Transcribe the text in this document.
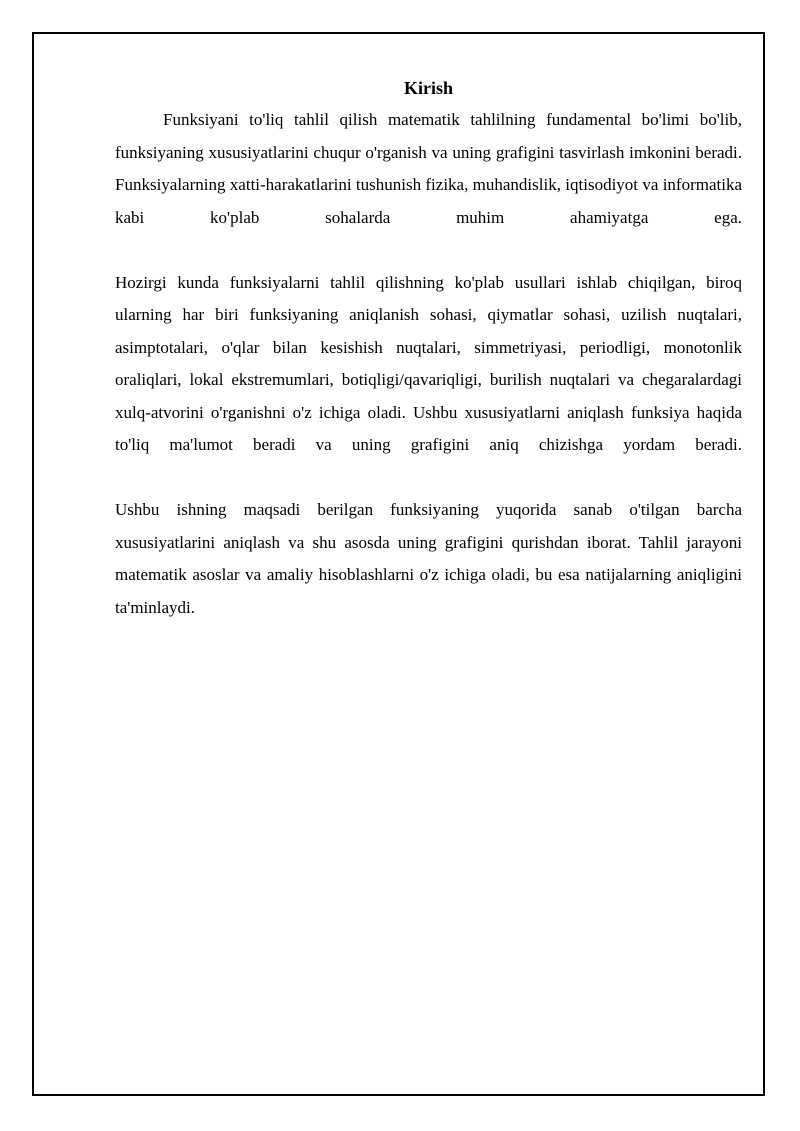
Kirish

Funksiyani to'liq tahlil qilish matematik tahlilning fundamental bo'limi bo'lib, funksiyaning xususiyatlarini chuqur o'rganish va uning grafigini tasvirlash imkonini beradi. Funksiyalarning xatti-harakatlarini tushunish fizika, muhandislik, iqtisodiyot va informatika kabi ko'plab sohalarda muhim ahamiyatga ega.

Hozirgi kunda funksiyalarni tahlil qilishning ko'plab usullari ishlab chiqilgan, biroq ularning har biri funksiyaning aniqlanish sohasi, qiymatlar sohasi, uzilish nuqtalari, asimptotalari, o'qlar bilan kesishish nuqtalari, simmetriyasi, periodligi, monotonlik oraliqlari, lokal ekstremumlari, botiqligi/qavariqligi, burilish nuqtalari va chegaralardagi xulq-atvorini o'rganishni o'z ichiga oladi. Ushbu xususiyatlarni aniqlash funksiya haqida to'liq ma'lumot beradi va uning grafigini aniq chizishga yordam beradi.

Ushbu ishning maqsadi berilgan funksiyaning yuqorida sanab o'tilgan barcha xususiyatlarini aniqlash va shu asosda uning grafigini qurishdan iborat. Tahlil jarayoni matematik asoslar va amaliy hisoblashlarni o'z ichiga oladi, bu esa natijalarning aniqligini ta'minlaydi.
